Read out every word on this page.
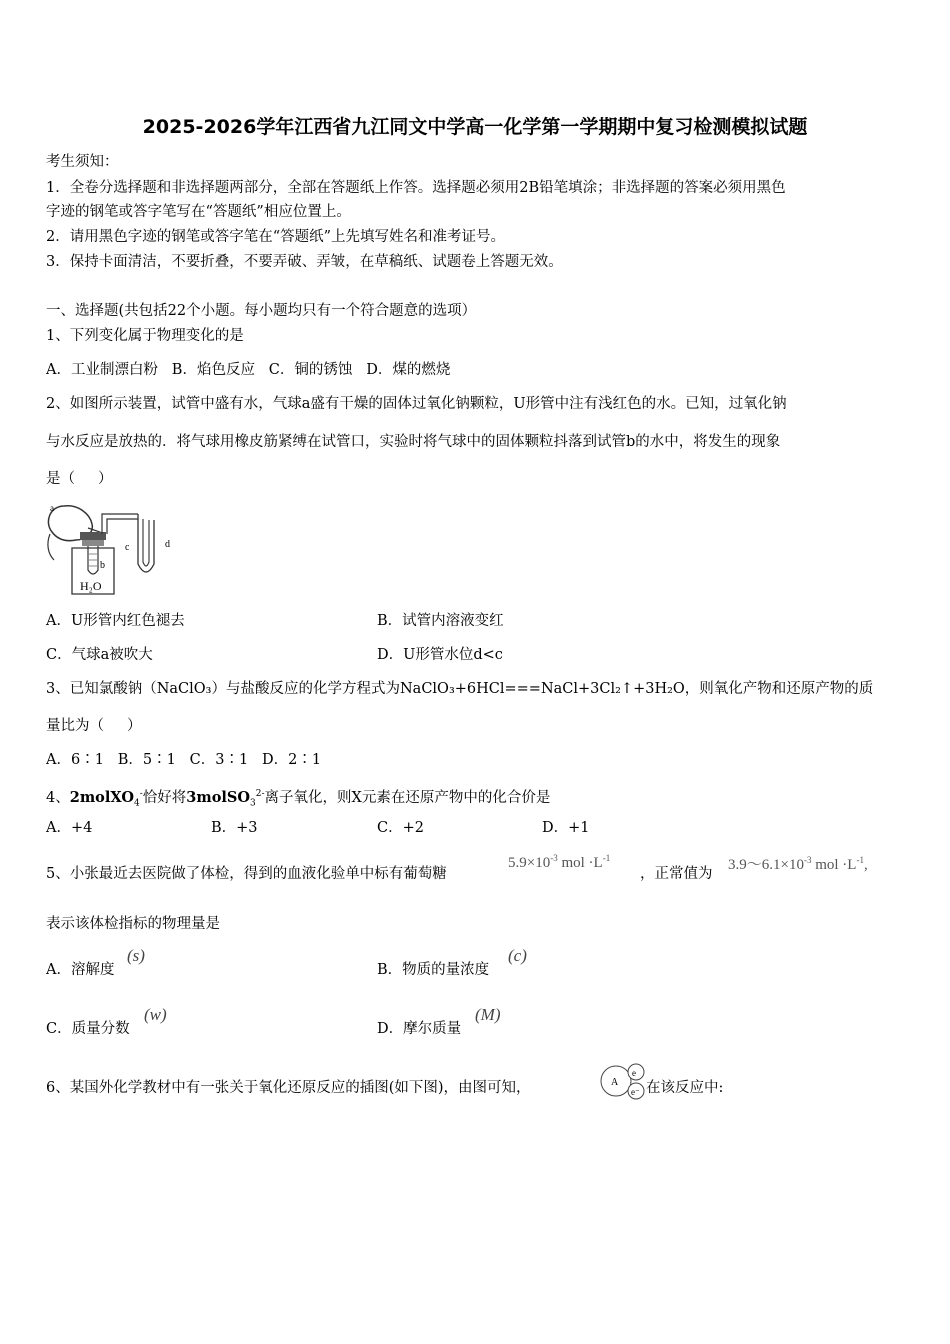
2025-2026学年江西省九江同文中学高一化学第一学期期中复习检测模拟试题
考生须知：
1．全卷分选择题和非选择题两部分，全部在答题纸上作答。选择题必须用2B铅笔填涂；非选择题的答案必须用黑色
字迹的钢笔或答字笔写在“答题纸”相应位置上。
2．请用黑色字迹的钢笔或答字笔在“答题纸”上先填写姓名和准考证号。
3．保持卡面清洁，不要折叠，不要弄破、弄皱，在草稿纸、试题卷上答题无效。
一、选择题(共包括22个小题。每小题均只有一个符合题意的选项）
1、下列变化属于物理变化的是
A．工业制漂白粉   B．焰色反应   C．铜的锈蚀   D．煤的燃烧
2、如图所示装置，试管中盛有水，气球a盛有干燥的固体过氧化钠颗粒，U形管中注有浅红色的水。已知，过氧化钠
与水反应是放热的．将气球用橡皮筋紧缚在试管口，实验时将气球中的固体颗粒抖落到试管b的水中，将发生的现象
是（     ）
a
b
c	d
H₂O
A．U形管内红色褪去	B．试管内溶液变红
C．气球a被吹大	D．U形管水位d<c
3、已知氯酸钠（NaClO₃）与盐酸反应的化学方程式为NaClO₃+6HCl===NaCl+3Cl₂↑+3H₂O，则氧化产物和还原产物的质
量比为（     ）
A．6∶1   B．5∶1   C．3∶1   D．2∶1
4、2molXO$_4$-恰好将3molSO$_3^{2-}$离子氧化，则X元素在还原产物中的化合价是
A．+4	B．+3	C．+2	D．+1
5、小张最近去医院做了体检，得到的血液化验单中标有葡萄糖
$5.9\times 10^{-3}$ mol $\cdot L^{-1}$
，正常值为
$3.9\sim 6.1\times 10^{-3}$ mol $\cdot L^{-1}$,
表示该体检指标的物理量是
A．溶解度
(s)
B．物质的量浓度
(c)
C．质量分数
(w)
D．摩尔质量
(M)
6、某国外化学教材中有一张关于氧化还原反应的插图(如下图)，由图可知，	A
e
e⁻ 在该反应中:
